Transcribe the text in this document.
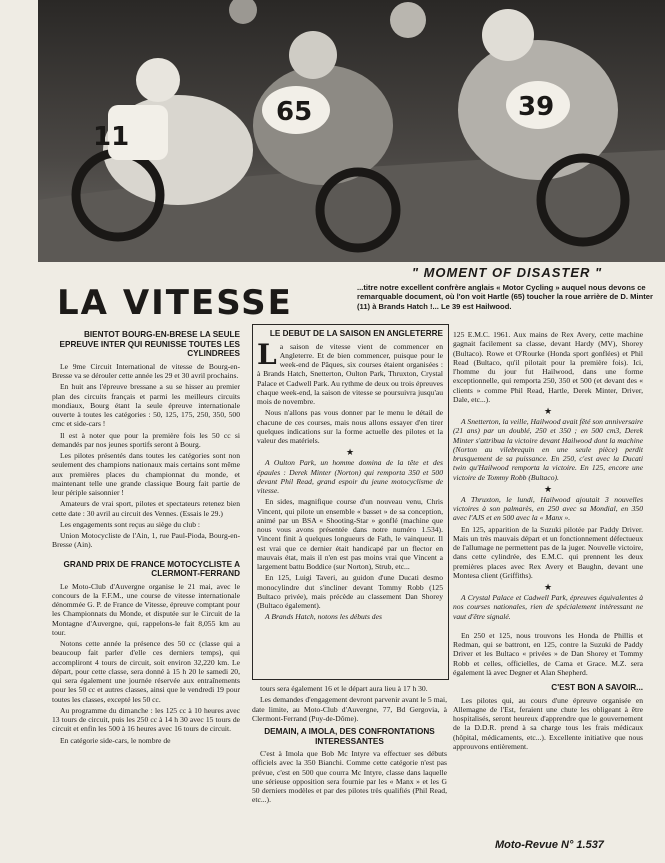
11
65	39
" MOMENT OF DISASTER "
...titre notre excellent confrère anglais « Motor Cycling » auquel nous devons ce remarquable document, où l'on voit Hartle (65) toucher la roue arrière de D. Minter (11) à Brands Hatch !... Le 39 est Hailwood.
LA VITESSE
BIENTOT BOURG-EN-BRESE LA SEULE EPREUVE INTER QUI REUNISSE TOUTES LES CYLINDREES

Le 9me Circuit International de vitesse de Bourg-en-Bresse va se dérouler cette année les 29 et 30 avril prochains.

En huit ans l'épreuve bressane a su se hisser au premier plan des circuits français et parmi les meilleurs circuits mondiaux, Bourg étant la seule épreuve internationale ouverte à toutes les catégories : 50, 125, 175, 250, 350, 500 cmc et side-cars !

Il est à noter que pour la première fois les 50 cc si demandés par nos jeunes sportifs seront à Bourg.

Les pilotes présentés dans toutes les catégories sont non seulement des champions nationaux mais certains sont même aux premières places du championnat du monde, et maintenant telle une grande classique Bourg fait partie de leur périple saisonnier !

Amateurs de vrai sport, pilotes et spectateurs retenez bien cette date : 30 avril au circuit des Vennes. (Essais le 29.)

Les engagements sont reçus au siège du club :

Union Motocycliste de l'Ain, 1, rue Paul-Pioda, Bourg-en-Bresse (Ain).

GRAND PRIX DE FRANCE MOTOCYCLISTE A CLERMONT-FERRAND

Le Moto-Club d'Auvergne organise le 21 mai, avec le concours de la F.F.M., une course de vitesse internationale dénommée G. P. de France de Vitesse, épreuve comptant pour les Championnats du Monde, et disputée sur le Circuit de la Montagne d'Auvergne, qui, rappelons-le fait 8,055 km au tour.

Notons cette année la présence des 50 cc (classe qui a beaucoup fait parler d'elle ces derniers temps), qui accompliront 4 tours de circuit, soit environ 32,220 km. Le départ, pour cette classe, sera donné à 15 h 20 le samedi 20, qui sera également une journée réservée aux entraînements pour les 50 cc et autres classes, ainsi que le vendredi 19 pour toutes les classes, excepté les 50 cc.

Au programme du dimanche : les 125 cc à 10 heures avec 13 tours de circuit, puis les 250 cc à 14 h 30 avec 15 tours de circuit et enfin les 500 à 16 heures avec 16 tours de circuit.

En catégorie side-cars, le nombre de

LE DEBUT DE LA SAISON EN ANGLETERRE

La saison de vitesse vient de commencer en Angleterre. Et de bien commencer, puisque pour le week-end de Pâques, six courses étaient organisées : à Brands Hatch, Snetterton, Oulton Park, Thruxton, Crystal Palace et Cadwell Park. Au rythme de deux ou trois épreuves chaque week-end, la saison de vitesse se poursuivra jusqu'au mois de novembre.

Nous n'allons pas vous donner par le menu le détail de chacune de ces courses, mais nous allons essayer d'en tirer quelques indications sur la forme actuelle des pilotes et la valeur des matériels.

★

A Oulton Park, un homme domina de la tête et des épaules : Derek Minter (Norton) qui remporta 350 et 500 devant Phil Read, grand espoir du jeune motocyclisme de vitesse.

En sides, magnifique course d'un nouveau venu, Chris Vincent, qui pilote un ensemble « basset » de sa conception, animé par un BSA « Shooting-Star » gonflé (machine que nous vous avons présentée dans notre numéro 1.534). Vincent finit à quelques longueurs de Fath, le vainqueur. Il est vrai que ce dernier était handicapé par un flector en mauvais état, mais il n'en est pas moins vrai que Vincent a largement battu Boddice (sur Norton), Strub, etc...

En 125, Luigi Taveri, au guidon d'une Ducati desmo monocylindre dut s'incliner devant Tommy Robb (125 Bultaco privée), mais précède au classement Dan Shorey (Bultaco également).

A Brands Hatch, notons les débuts des

tours sera également 16 et le départ aura lieu à 17 h 30.

Les demandes d'engagement devront parvenir avant le 5 mai, date limite, au Moto-Club d'Auvergne, 77, Bd Gergovia, à Clermont-Ferrand (Puy-de-Dôme).

DEMAIN, A IMOLA, DES CONFRONTATIONS INTERESSANTES

C'est à Imola que Bob Mc Intyre va effectuer ses débuts officiels avec la 350 Bianchi. Comme cette catégorie n'est pas prévue, c'est en 500 que courra Mc Intyre, classe dans laquelle une sérieuse opposition sera fournie par les « Manx » et les G 50 derniers modèles et par des pilotes très qualifiés (Phil Read, etc...).

125 E.M.C. 1961. Aux mains de Rex Avery, cette machine gagnait facilement sa classe, devant Hardy (MV), Shorey (Bultaco). Rowe et O'Rourke (Honda sport gonflées) et Phil Read (Bultaco, qu'il pilotait pour la première fois). Ici, l'homme du jour fut Hailwood, dans une forme exceptionnelle, qui remporta 250, 350 et 500 (et devant des « clients » comme Phil Read, Hartle, Derek Minter, Driver, Dale, etc...).

★

A Snetterton, la veille, Hailwood avait fêté son anniversaire (21 ans) par un doublé, 250 et 350 ; en 500 cm3, Derek Minter s'attribua la victoire devant Hailwood dont la machine (Norton au vilebrequin en une seule pièce) perdit brusquement de sa puissance. En 250, c'est avec la Ducati twin qu'Hailwood remporta la victoire. En 125, encore une victoire de Tommy Robb (Bultaco).

★

A Thruxton, le lundi, Hailwood ajoutait 3 nouvelles victoires à son palmarès, en 250 avec sa Mondial, en 350 avec l'AJS et en 500 avec la « Manx ».

En 125, apparition de la Suzuki pilotée par Paddy Driver. Mais un très mauvais départ et un fonctionnement défectueux de l'allumage ne permettent pas de la juger. Nouvelle victoire, dans cette cylindrée, des E.M.C. qui prennent les deux premières places avec Rex Avery et Baughn, devant une Montesa client (Griffiths).

★

A Crystal Palace et Cadwell Park, épreuves équivalentes à nos courses nationales, rien de spécialement intéressant ne vaut d'être signalé.

En 250 et 125, nous trouvons les Honda de Phillis et Redman, qui se battront, en 125, contre la Suzuki de Paddy Driver et les Bultaco « privées » de Dan Shorey et Tommy Robb et celles, officielles, de Cama et Grace. M.Z. sera également là avec Degner et Alan Shepherd.

C'EST BON A SAVOIR...

Les pilotes qui, au cours d'une épreuve organisée en Allemagne de l'Est, feraient une chute les obligeant à être hospitalisés, seront heureux d'apprendre que le gouvernement de la D.D.R. prend à sa charge tous les frais médicaux (hôpital, médicaments, etc...). Excellente initiative que nous approuvons entièrement.

Moto-Revue N° 1.537
